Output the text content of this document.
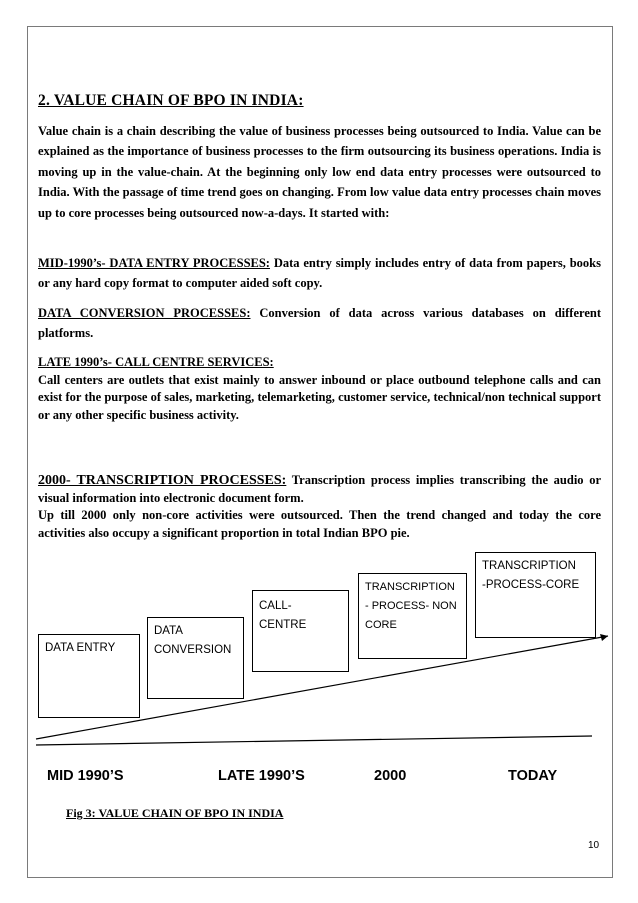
2. VALUE CHAIN OF BPO IN INDIA:

Value chain is a chain describing the value of business processes being outsourced to India. Value can be explained as the importance of business processes to the firm outsourcing its business operations. India is moving up in the value-chain. At the beginning only low end data entry processes were outsourced to India. With the passage of time trend goes on changing. From low value data entry processes chain moves up to core processes being outsourced now-a-days. It started with:

MID-1990’s- DATA ENTRY PROCESSES: Data entry simply includes entry of data from papers, books or any hard copy format to computer aided soft copy.

DATA CONVERSION PROCESSES: Conversion of data across various databases on different platforms.

LATE 1990’s- CALL CENTRE SERVICES:
Call centers are outlets that exist mainly to answer inbound or place outbound telephone calls and can exist for the purpose of sales, marketing, telemarketing, customer service, technical/non technical support or any other specific business activity.

2000- TRANSCRIPTION PROCESSES: Transcription process implies transcribing the audio or visual information into electronic document form.
Up till 2000 only non-core activities were outsourced. Then the trend changed and today the core activities also occupy a significant proportion in total Indian BPO pie.

DATA ENTRY
DATA
CONVERSION
CALL-
CENTRE
TRANSCRIPTION
- PROCESS- NON
CORE
TRANSCRIPTION
-PROCESS-CORE
MID 1990’S	LATE 1990’S	2000	TODAY
Fig 3: VALUE CHAIN OF BPO IN INDIA
10
